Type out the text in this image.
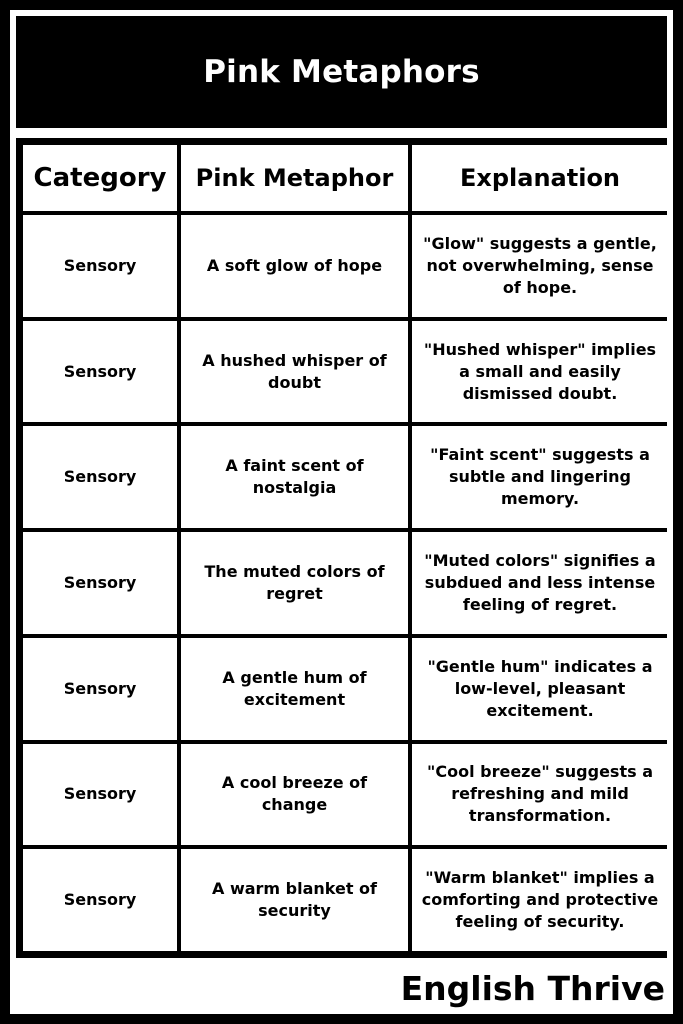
Pink Metaphors
Category	Pink Metaphor	Explanation
Sensory	A soft glow of hope	"Glow" suggests a gentle, not overwhelming, sense of hope.
Sensory	A hushed whisper of doubt	"Hushed whisper" implies a small and easily dismissed doubt.
Sensory	A faint scent of nostalgia	"Faint scent" suggests a subtle and lingering memory.
Sensory	The muted colors of regret	"Muted colors" signifies a subdued and less intense feeling of regret.
Sensory	A gentle hum of excitement	"Gentle hum" indicates a low-level, pleasant excitement.
Sensory	A cool breeze of change	"Cool breeze" suggests a refreshing and mild transformation.
Sensory	A warm blanket of security	"Warm blanket" implies a comforting and protective feeling of security.
English Thrive
